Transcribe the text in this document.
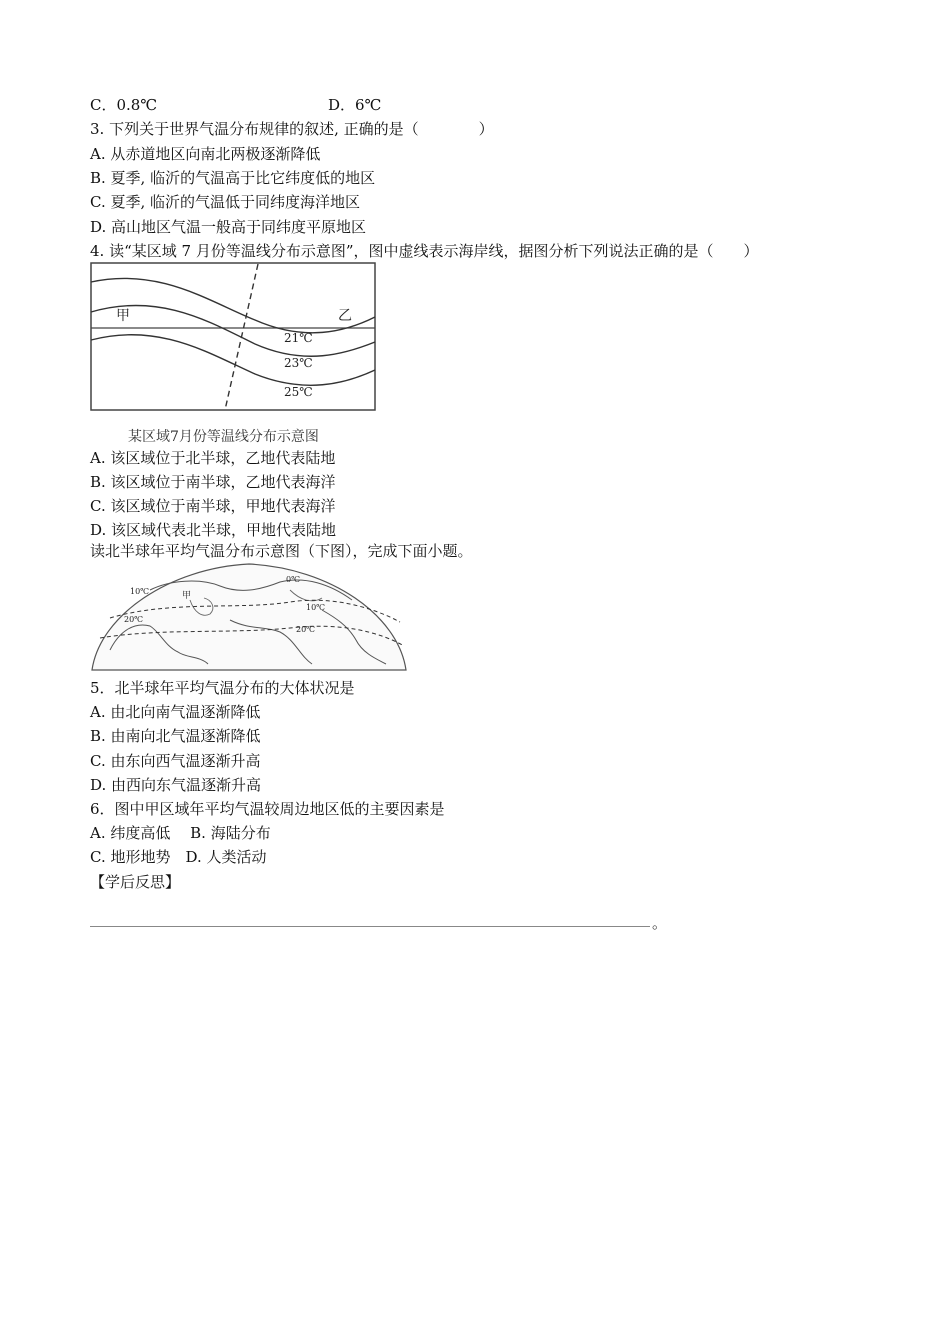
C．0.8℃	D．6℃
3. 下列关于世界气温分布规律的叙述, 正确的是（　　　　）
A. 从赤道地区向南北两极逐渐降低
B. 夏季, 临沂的气温高于比它纬度低的地区
C. 夏季, 临沂的气温低于同纬度海洋地区
D. 高山地区气温一般高于同纬度平原地区
4. 读“某区域 7 月份等温线分布示意图”，图中虚线表示海岸线，据图分析下列说法正确的是（　　）
甲	乙
21℃
23℃
25℃
某区域7月份等温线分布示意图
A. 该区域位于北半球，乙地代表陆地
B. 该区域位于南半球，乙地代表海洋
C. 该区域位于南半球，甲地代表海洋
D. 该区域代表北半球，甲地代表陆地
读北半球年平均气温分布示意图（下图），完成下面小题。
甲
0℃
10℃
20℃
20℃
10℃
5．北半球年平均气温分布的大体状况是
A. 由北向南气温逐渐降低
B. 由南向北气温逐渐降低
C. 由东向西气温逐渐升高
D. 由西向东气温逐渐升高
6．图中甲区域年平均气温较周边地区低的主要因素是
A. 纬度高低　 B. 海陆分布
C. 地形地势　D. 人类活动
【学后反思】
。
